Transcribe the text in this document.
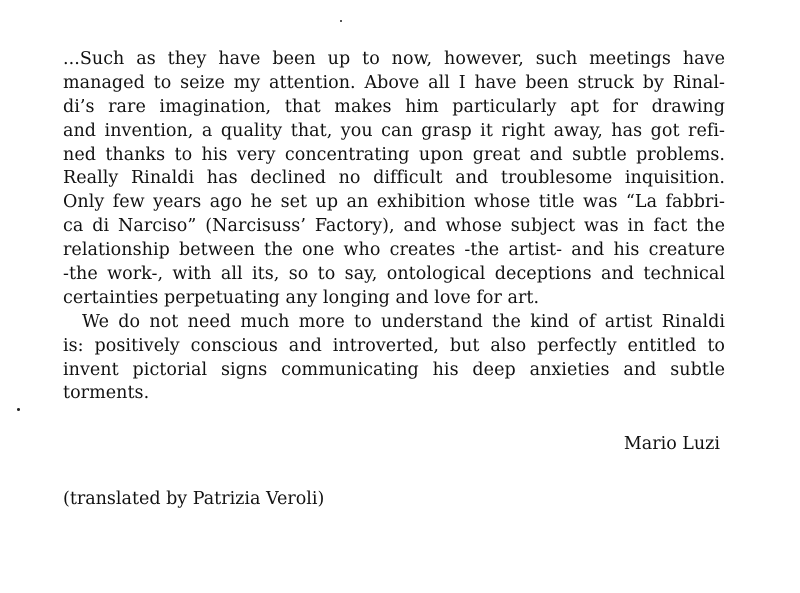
...Such as they have been up to now, however, such meetings have
managed to seize my attention. Above all I have been struck by Rinal-
di’s rare imagination, that makes him particularly apt for drawing
and invention, a quality that, you can grasp it right away, has got refi-
ned thanks to his very concentrating upon great and subtle problems.
Really Rinaldi has declined no difficult and troublesome inquisition.
Only few years ago he set up an exhibition whose title was “La fabbri-
ca di Narciso” (Narcisuss’ Factory), and whose subject was in fact the
relationship between the one who creates -the artist- and his creature
-the work-, with all its, so to say, ontological deceptions and technical
certainties perpetuating any longing and love for art.
We do not need much more to understand the kind of artist Rinaldi
is: positively conscious and introverted, but also perfectly entitled to
invent pictorial signs communicating his deep anxieties and subtle
torments.
Mario Luzi
(translated by Patrizia Veroli)
